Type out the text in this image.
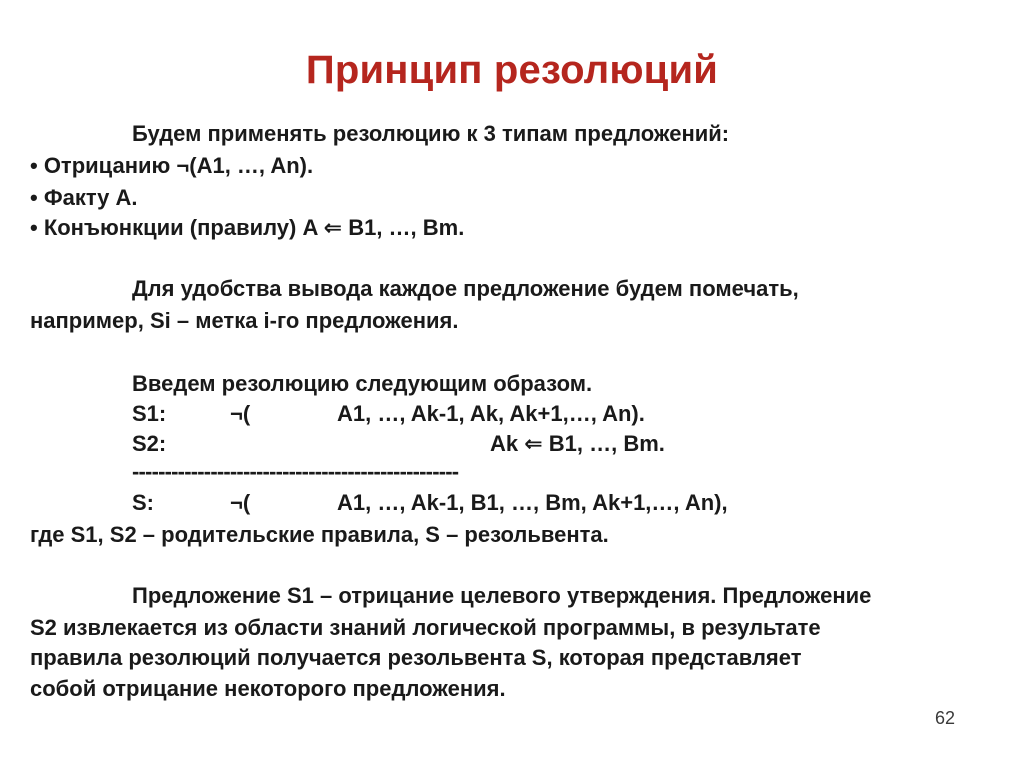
Принцип резолюций
Будем применять резолюцию к 3 типам предложений:
• Отрицанию ¬(A1, …, An).
• Факту A.
• Конъюнкции (правилу) A ⇐ B1, …, Bm.
Для удобства вывода каждое предложение будем помечать,
например, Si – метка i-го предложения.
Введем резолюцию следующим образом.
S1:	¬(	A1, …, Ak-1, Ak, Ak+1,…, An).
S2:	Ak ⇐ B1, …, Bm.
--------------------------------------------------
S:	¬(	A1, …, Ak-1, B1, …, Bm, Ak+1,…, An),
где S1, S2 – родительские правила, S – резольвента.
Предложение S1 – отрицание целевого утверждения. Предложение
S2 извлекается из области знаний логической программы, в результате
правила резолюций получается резольвента S, которая представляет
собой отрицание некоторого предложения.
62
